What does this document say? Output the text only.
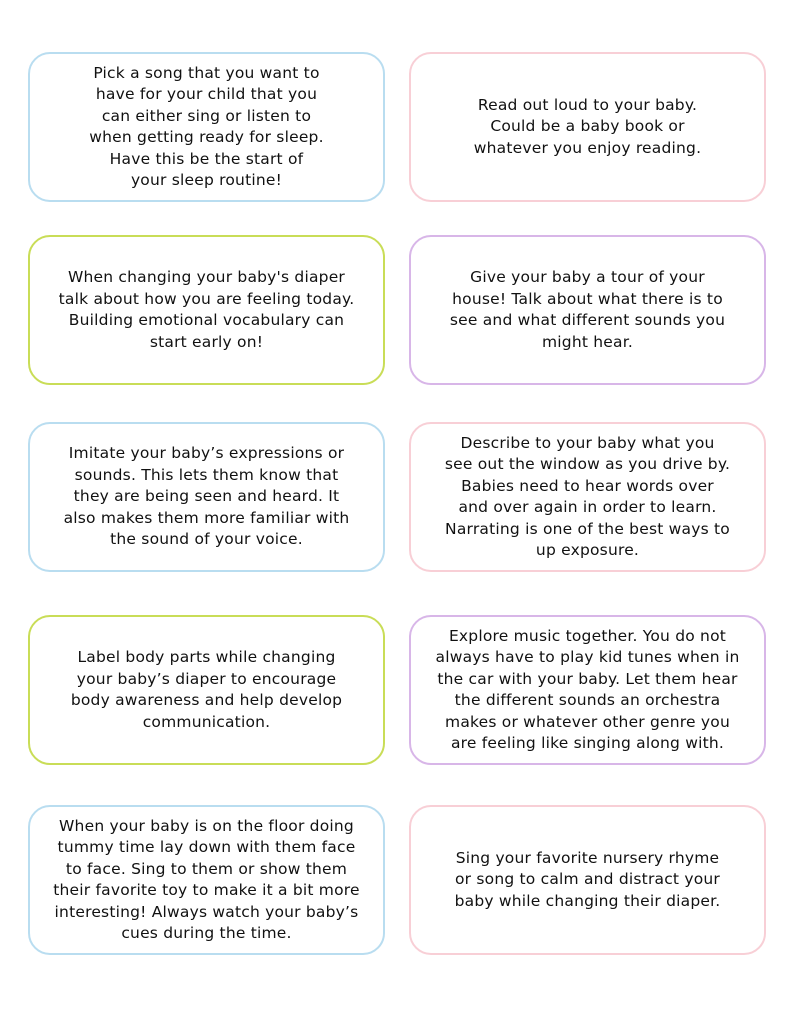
Pick a song that you want to
have for your child that you
can either sing or listen to
when getting ready for sleep.
Have this be the start of
your sleep routine!

Read out loud to your baby.
Could be a baby book or
whatever you enjoy reading.

When changing your baby's diaper
talk about how you are feeling today.
Building emotional vocabulary can
start early on!

Give your baby a tour of your
house! Talk about what there is to
see and what different sounds you
might hear.

Imitate your baby’s expressions or
sounds. This lets them know that
they are being seen and heard. It
also makes them more familiar with
the sound of your voice.

Describe to your baby what you
see out the window as you drive by.
Babies need to hear words over
and over again in order to learn.
Narrating is one of the best ways to
up exposure.

Label body parts while changing
your baby’s diaper to encourage
body awareness and help develop
communication.

Explore music together. You do not
always have to play kid tunes when in
the car with your baby. Let them hear
the different sounds an orchestra
makes or whatever other genre you
are feeling like singing along with.

When your baby is on the floor doing
tummy time lay down with them face
to face. Sing to them or show them
their favorite toy to make it a bit more
interesting! Always watch your baby’s
cues during the time.

Sing your favorite nursery rhyme
or song to calm and distract your
baby while changing their diaper.
